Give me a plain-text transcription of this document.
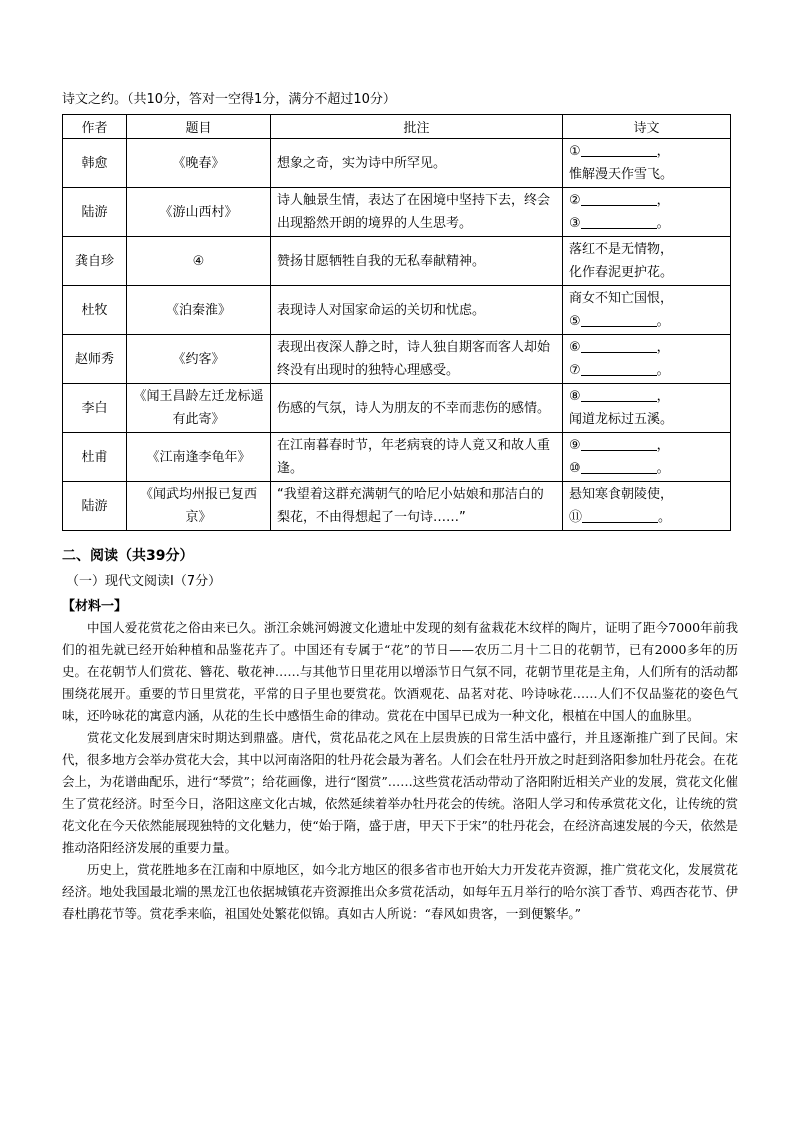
诗文之约。（共10分，答对一空得1分，满分不超过10分）
作者	题目	批注	诗文
韩愈	《晚春》	想象之奇，实为诗中所罕见。	① ，
惟解漫天作雪飞。

陆游	《游山西村》	诗人触景生情，表达了在困境中坚持下去，终会出现豁然开朗的境界的人生思考。	② ，
③ 。

龚自珍	④	赞扬甘愿牺牲自我的无私奉献精神。	落红不是无情物，
化作春泥更护花。

杜牧	《泊秦淮》	表现诗人对国家命运的关切和忧虑。	商女不知亡国恨，
⑤ 。

赵师秀	《约客》	表现出夜深人静之时，诗人独自期客而客人却始终没有出现时的独特心理感受。	⑥ ，
⑦ 。

李白	《闻王昌龄左迁龙标遥有此寄》	伤感的气氛，诗人为朋友的不幸而悲伤的感情。	⑧ ，
闻道龙标过五溪。

杜甫	《江南逢李龟年》	在江南暮春时节，年老病衰的诗人竟又和故人重逢。	⑨ ，
⑩ 。

陆游	《闻武均州报已复西京》	“我望着这群充满朝气的哈尼小姑娘和那洁白的梨花，不由得想起了一句诗……”	悬知寒食朝陵使，
⑪ 。
二、阅读（共39分）
（一）现代文阅读Ⅰ（7分）
【材料一】

中国人爱花赏花之俗由来已久。浙江余姚河姆渡文化遗址中发现的刻有盆栽花木纹样的陶片，证明了距今7000年前我们的祖先就已经开始种植和品鉴花卉了。中国还有专属于“花”的节日——农历二月十二日的花朝节，已有2000多年的历史。在花朝节人们赏花、簪花、敬花神……与其他节日里花用以增添节日气氛不同，花朝节里花是主角，人们所有的活动都围绕花展开。重要的节日里赏花，平常的日子里也要赏花。饮酒观花、品茗对花、吟诗咏花……人们不仅品鉴花的姿色气味，还吟咏花的寓意内涵，从花的生长中感悟生命的律动。赏花在中国早已成为一种文化，根植在中国人的血脉里。

赏花文化发展到唐宋时期达到鼎盛。唐代，赏花品花之风在上层贵族的日常生活中盛行，并且逐渐推广到了民间。宋代，很多地方会举办赏花大会，其中以河南洛阳的牡丹花会最为著名。人们会在牡丹开放之时赶到洛阳参加牡丹花会。在花会上，为花谱曲配乐，进行“琴赏”；给花画像，进行“图赏”……这些赏花活动带动了洛阳附近相关产业的发展，赏花文化催生了赏花经济。时至今日，洛阳这座文化古城，依然延续着举办牡丹花会的传统。洛阳人学习和传承赏花文化，让传统的赏花文化在今天依然能展现独特的文化魅力，使“始于隋，盛于唐，甲天下于宋”的牡丹花会，在经济高速发展的今天，依然是推动洛阳经济发展的重要力量。

历史上，赏花胜地多在江南和中原地区，如今北方地区的很多省市也开始大力开发花卉资源，推广赏花文化，发展赏花经济。地处我国最北端的黑龙江也依据城镇花卉资源推出众多赏花活动，如每年五月举行的哈尔滨丁香节、鸡西杏花节、伊春杜鹃花节等。赏花季来临，祖国处处繁花似锦。真如古人所说：“春风如贵客，一到便繁华。”
